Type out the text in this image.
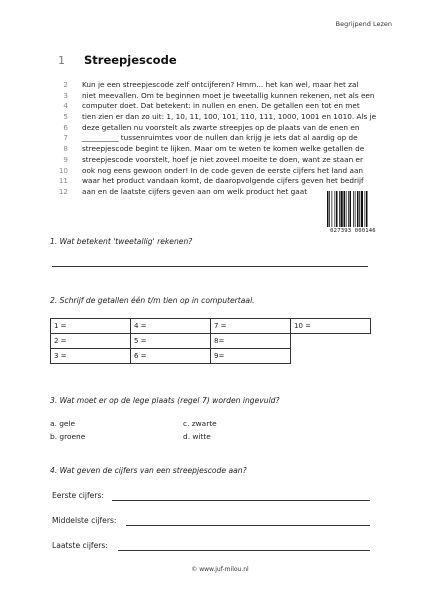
Begrijpend Lezen
1 Streepjescode
2 Kun je een streepjescode zelf ontcijferen? Hmm... het kan wel, maar het zal
3 niet meevallen. Om te beginnen moet je tweetallig kunnen rekenen, net als een
4 computer doet. Dat betekent: in nullen en enen. De getallen een tot en met
5 tien zien er dan zo uit: 1, 10, 11, 100, 101, 110, 111, 1000, 1001 en 1010. Als je
6 deze getallen nu voorstelt als zwarte streepjes op de plaats van de enen en
7 __________ tussenruimtes voor de nullen dan krijg je iets dat al aardig op de
8 streepjescode begint te lijken. Maar om te weten te komen welke getallen de
9 streepjescode voorstelt, hoef je niet zoveel moeite te doen, want ze staan er
10 ook nog eens gewoon onder! In de code geven de eerste cijfers het land aan
11 waar het product vandaan komt, de daaropvolgende cijfers geven het bedrijf
12 aan en de laatste cijfers geven aan om welk product het gaat
027393 000146
1. Wat betekent 'tweetallig' rekenen?
2. Schrijf de getallen één t/m tien op in computertaal.
1 =	4 =	7 =	10 =
2 =	5 =	8=	
3 =	6 =	9=	
3. Wat moet er op de lege plaats (regel 7) worden ingevuld?
a. gele	c. zwarte
b. groene	d. witte
4. Wat geven de cijfers van een streepjescode aan?
Eerste cijfers:
Middelste cijfers:
Laatste cijfers:
© www.juf-milou.nl
